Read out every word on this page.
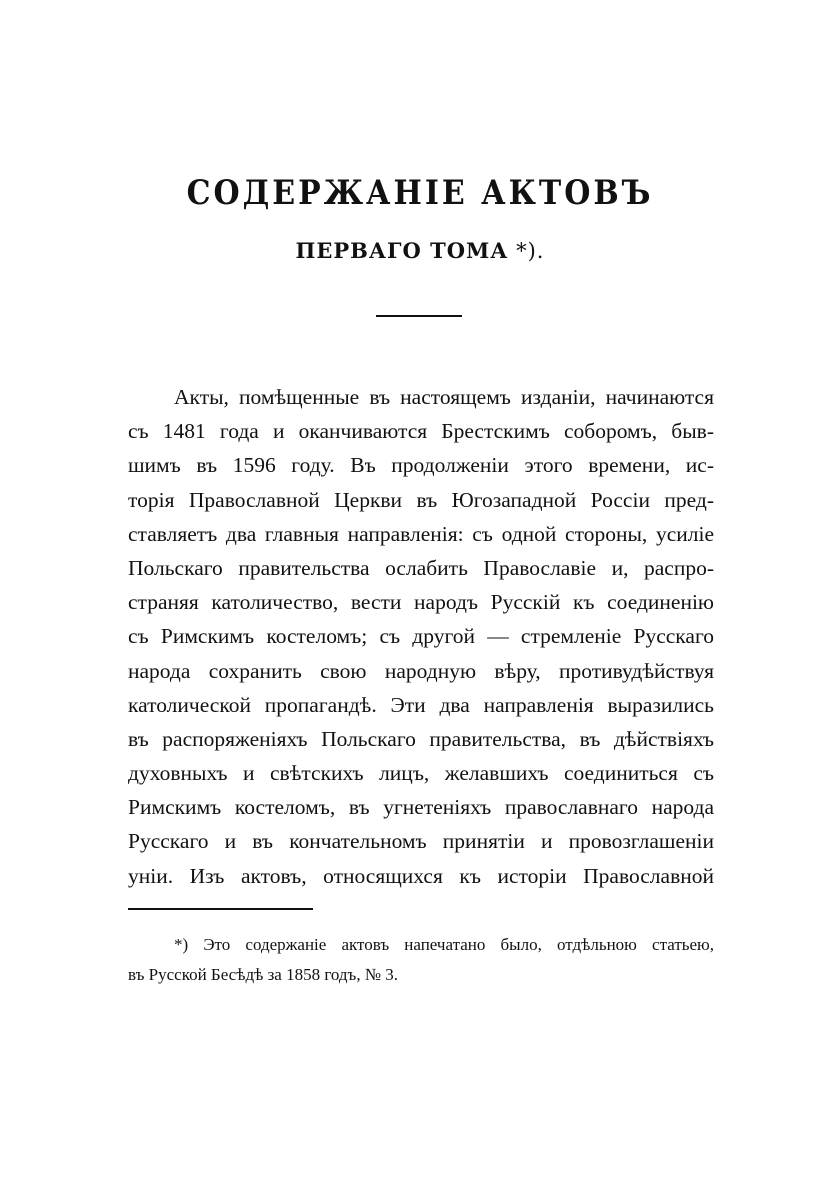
СОДЕРЖАНІЕ АКТОВЪ
ПЕРВАГО ТОМА *).
Акты, помѣщенные въ настоящемъ изданіи, начинаются
съ 1481 года и оканчиваются Брестскимъ соборомъ, быв-
шимъ въ 1596 году. Въ продолженіи этого времени, ис-
торія Православной Церкви въ Югозападной Россіи пред-
ставляетъ два главныя направленія: съ одной стороны, усиліе
Польскаго правительства ослабить Православіе и, распро-
страняя католичество, вести народъ Русскій къ соединенію
съ Римскимъ костеломъ; съ другой — стремленіе Русскаго
народа сохранить свою народную вѣру, противудѣйствуя
католической пропагандѣ. Эти два направленія выразились
въ распоряженіяхъ Польскаго правительства, въ дѣйствіяхъ
духовныхъ и свѣтскихъ лицъ, желавшихъ соединиться съ
Римскимъ костеломъ, въ угнетеніяхъ православнаго народа
Русскаго и въ кончательномъ принятіи и провозглашеніи
уніи. Изъ актовъ, относящихся къ исторіи Православной
*) Это содержаніе актовъ напечатано было, отдѣльною статьею,
въ Русской Бесѣдѣ за 1858 годъ, № 3.
